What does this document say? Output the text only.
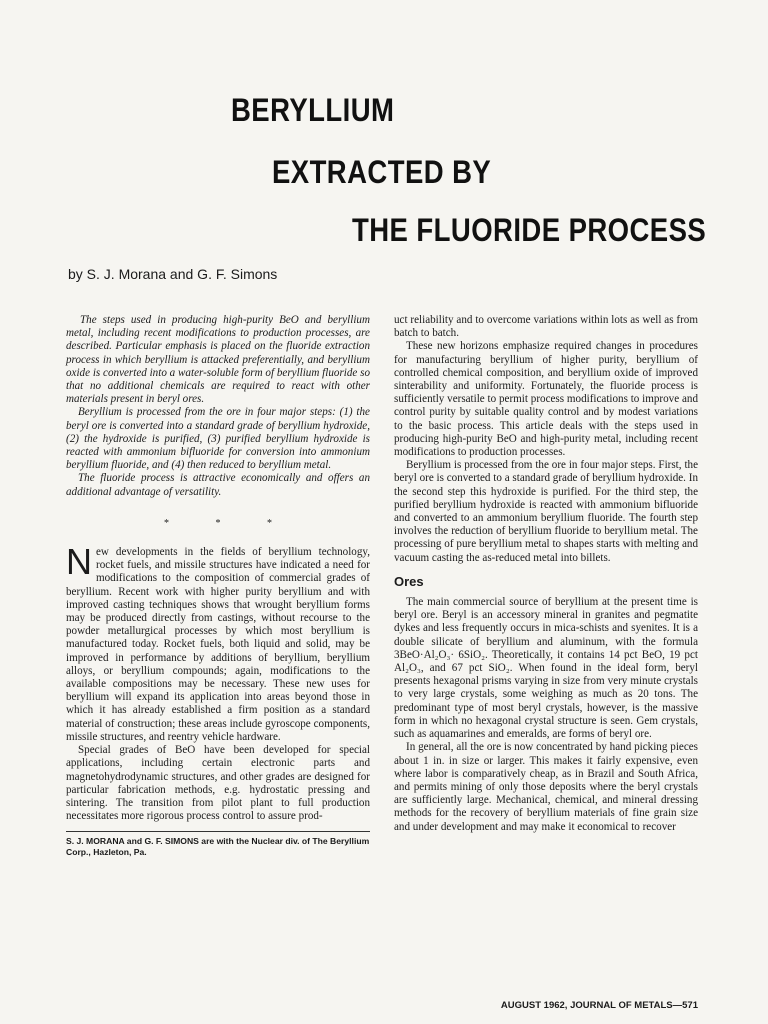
BERYLLIUM
EXTRACTED BY
THE FLUORIDE PROCESS
by S. J. Morana and G. F. Simons

The steps used in producing high-purity BeO and beryllium metal, including recent modifications to production processes, are described. Particular emphasis is placed on the fluoride extraction process in which beryllium is attacked preferentially, and beryllium oxide is converted into a water-soluble form of beryllium fluoride so that no additional chemicals are required to react with other materials present in beryl ores.

Beryllium is processed from the ore in four major steps: (1) the beryl ore is converted into a standard grade of beryllium hydroxide, (2) the hydroxide is purified, (3) purified beryllium hydroxide is reacted with ammonium bifluoride for conversion into ammonium beryllium fluoride, and (4) then reduced to beryllium metal.

The fluoride process is attractive economically and offers an additional advantage of versatility.

* * *

New developments in the fields of beryllium technology, rocket fuels, and missile structures have indicated a need for modifications to the composition of commercial grades of beryllium. Recent work with higher purity beryllium and with improved casting techniques shows that wrought beryllium forms may be produced directly from castings, without recourse to the powder metallurgical processes by which most beryllium is manufactured today. Rocket fuels, both liquid and solid, may be improved in performance by additions of beryllium, beryllium alloys, or beryllium compounds; again, modifications to the available compositions may be necessary. These new uses for beryllium will expand its application into areas beyond those in which it has already established a firm position as a standard material of construction; these areas include gyroscope components, missile structures, and reentry vehicle hardware.

Special grades of BeO have been developed for special applications, including certain electronic parts and magnetohydrodynamic structures, and other grades are designed for particular fabrication methods, e.g. hydrostatic pressing and sintering. The transition from pilot plant to full production necessitates more rigorous process control to assure prod-

S. J. MORANA and G. F. SIMONS are with the Nuclear div. of The Beryllium Corp., Hazleton, Pa.

uct reliability and to overcome variations within lots as well as from batch to batch.

These new horizons emphasize required changes in procedures for manufacturing beryllium of higher purity, beryllium of controlled chemical composition, and beryllium oxide of improved sinterability and uniformity. Fortunately, the fluoride process is sufficiently versatile to permit process modifications to improve and control purity by suitable quality control and by modest variations to the basic process. This article deals with the steps used in producing high-purity BeO and high-purity metal, including recent modifications to production processes.

Beryllium is processed from the ore in four major steps. First, the beryl ore is converted to a standard grade of beryllium hydroxide. In the second step this hydroxide is purified. For the third step, the purified beryllium hydroxide is reacted with ammonium bifluoride and converted to an ammonium beryllium fluoride. The fourth step involves the reduction of beryllium fluoride to beryllium metal. The processing of pure beryllium metal to shapes starts with melting and vacuum casting the as-reduced metal into billets.

Ores

The main commercial source of beryllium at the present time is beryl ore. Beryl is an accessory mineral in granites and pegmatite dykes and less frequently occurs in mica-schists and syenites. It is a double silicate of beryllium and aluminum, with the formula 3BeO·Al₂O₃· 6SiO₂. Theoretically, it contains 14 pct BeO, 19 pct Al₂O₃, and 67 pct SiO₂. When found in the ideal form, beryl presents hexagonal prisms varying in size from very minute crystals to very large crystals, some weighing as much as 20 tons. The predominant type of most beryl crystals, however, is the massive form in which no hexagonal crystal structure is seen. Gem crystals, such as aquamarines and emeralds, are forms of beryl ore.

In general, all the ore is now concentrated by hand picking pieces about 1 in. in size or larger. This makes it fairly expensive, even where labor is comparatively cheap, as in Brazil and South Africa, and permits mining of only those deposits where the beryl crystals are sufficiently large. Mechanical, chemical, and mineral dressing methods for the recovery of beryllium materials of fine grain size and under development and may make it economical to recover

AUGUST 1962, JOURNAL OF METALS—571
